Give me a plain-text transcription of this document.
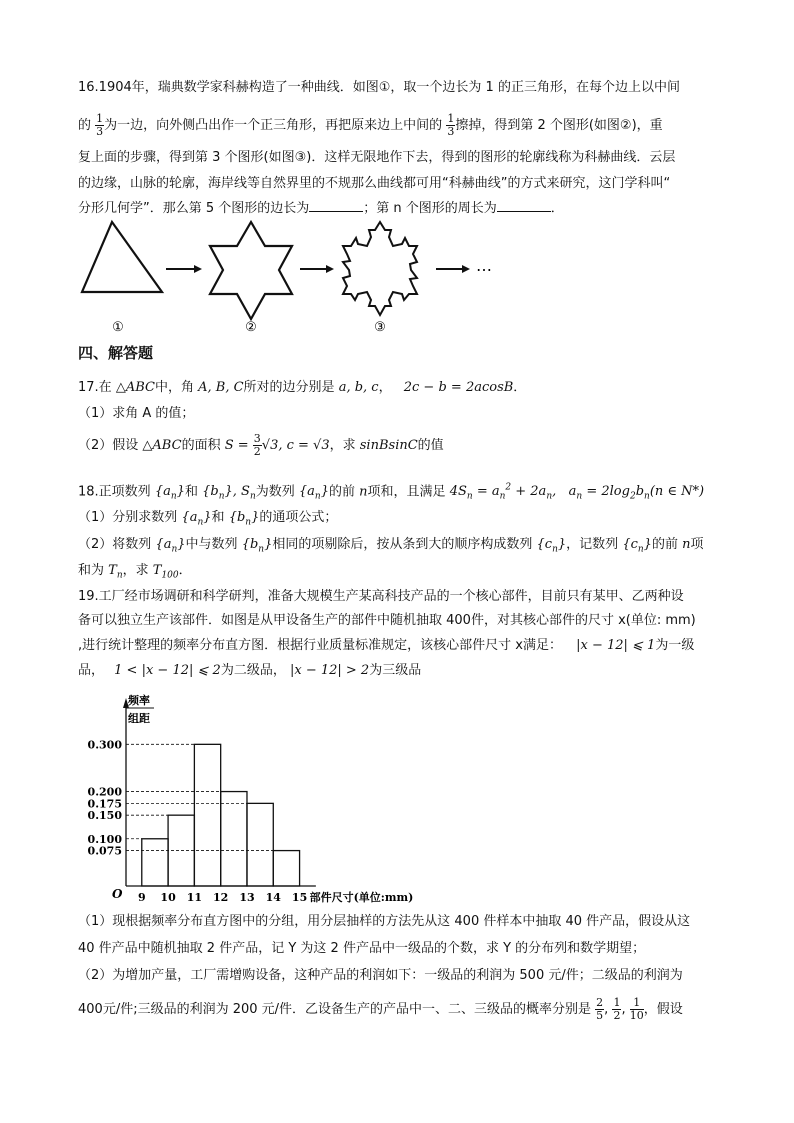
16.1904年，瑞典数学家科赫构造了一种曲线．如图①，取一个边长为 1 的正三角形，在每个边上以中间
的 $\frac{1}{3}$ 为一边，向外侧凸出作一个正三角形，再把原来边上中间的 $\frac{1}{3}$ 擦掉，得到第 2 个图形(如图②)，重
复上面的步骤，得到第 3 个图形(如图③)．这样无限地作下去，得到的图形的轮廓线称为科赫曲线．云层
的边缘，山脉的轮廓，海岸线等自然界里的不规那么曲线都可用“科赫曲线”的方式来研究，这门学科叫“
分形几何学”．那么第 5 个图形的边长为	；第 n 个图形的周长为	．
⋯
①	②	③
四、解答题
17.在 △ABC中，角 A, B, C所对的边分别是 a, b, c， 2c − b = 2acosB．
（1）求角 A 的值；
（2）假设 △ABC的面积 $S = \frac{3}{2} √3$, c = √3，求 sinBsinC的值
18.正项数列 $\{a_n\}$和 $\{b_n\}$, $S_n$为数列 $\{a_n\}$的前 n项和，且满足 $4S_n = a_n^2 + 2a_n$,   $a_n = 2\log_2b_n(n$ ∈ N*)
（1）分别求数列 $\{a_n\}$和 $\{b_n\}$的通项公式；
（2）将数列 $\{a_n\}$中与数列 $\{b_n\}$相同的项剔除后，按从条到大的顺序构成数列 $\{c_n\}$，记数列 $\{c_n\}$的前 n项
和为 $T_n$，求 $T_{100}$．
19.工厂经市场调研和科学研判，准备大规模生产某高科技产品的一个核心部件，目前只有某甲、乙两种设
备可以独立生产该部件．如图是从甲设备生产的部件中随机抽取 400件，对其核心部件的尺寸 x(单位: mm)
,进行统计整理的频率分布直方图．根据行业质量标准规定，该核心部件尺寸 x满足： |x − 12| ⩽ 1为一级
品， 1 < |x − 12| ⩽ 2为二级品， |x − 12| > 2为三级品
频率
组距
0.300
0.200
0.175
0.150
0.100
0.075
9 10 11 12 13 14 15
O	部件尺寸(单位:mm)
（1）现根据频率分布直方图中的分组，用分层抽样的方法先从这 400 件样本中抽取 40 件产品，假设从这
40 件产品中随机抽取 2 件产品，记 Y 为这 2 件产品中一级品的个数，求 Y 的分布列和数学期望；
（2）为增加产量，工厂需增购设备，这种产品的利润如下：一级品的利润为 500 元/件；二级品的利润为
400元/件;三级品的利润为 200 元/件．乙设备生产的产品中一、二、三级品的概率分别是 $\frac{2}{5}$ , $\frac{1}{2}$ , $\frac{1}{10}$ ，假设
